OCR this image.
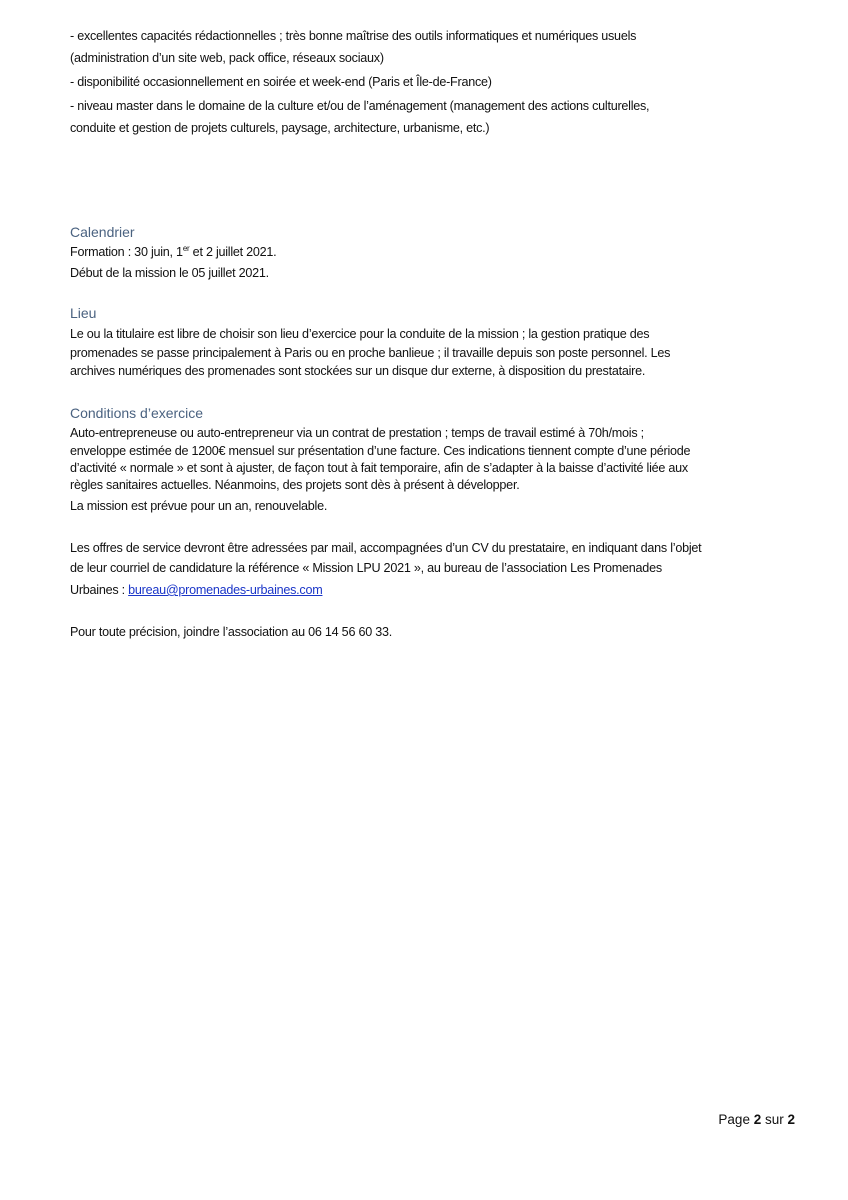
- excellentes capacités rédactionnelles ; très bonne maîtrise des outils informatiques et numériques usuels
(administration d’un site web, pack office, réseaux sociaux)
- disponibilité occasionnellement en soirée et week-end (Paris et Île-de-France)
- niveau master dans le domaine de la culture et/ou de l’aménagement (management des actions culturelles,
conduite et gestion de projets culturels, paysage, architecture, urbanisme, etc.)
Calendrier
Formation : 30 juin, 1er et 2 juillet 2021.
Début de la mission le 05 juillet 2021.
Lieu
Le ou la titulaire est libre de choisir son lieu d’exercice pour la conduite de la mission ; la gestion pratique des
promenades se passe principalement à Paris ou en proche banlieue ; il travaille depuis son poste personnel. Les
archives numériques des promenades sont stockées sur un disque dur externe, à disposition du prestataire.
Conditions d’exercice
Auto-entrepreneuse ou auto-entrepreneur via un contrat de prestation ; temps de travail estimé à 70h/mois ;
enveloppe estimée de 1200€ mensuel sur présentation d’une facture. Ces indications tiennent compte d’une période
d’activité « normale » et sont à ajuster, de façon tout à fait temporaire, afin de s’adapter à la baisse d’activité liée aux
règles sanitaires actuelles. Néanmoins, des projets sont dès à présent à développer.
La mission est prévue pour un an, renouvelable.
Les offres de service devront être adressées par mail, accompagnées d’un CV du prestataire, en indiquant dans l’objet
de leur courriel de candidature la référence « Mission LPU 2021 », au bureau de l’association Les Promenades
Urbaines : bureau@promenades-urbaines.com
Pour toute précision, joindre l’association au 06 14 56 60 33.
Page 2 sur 2
